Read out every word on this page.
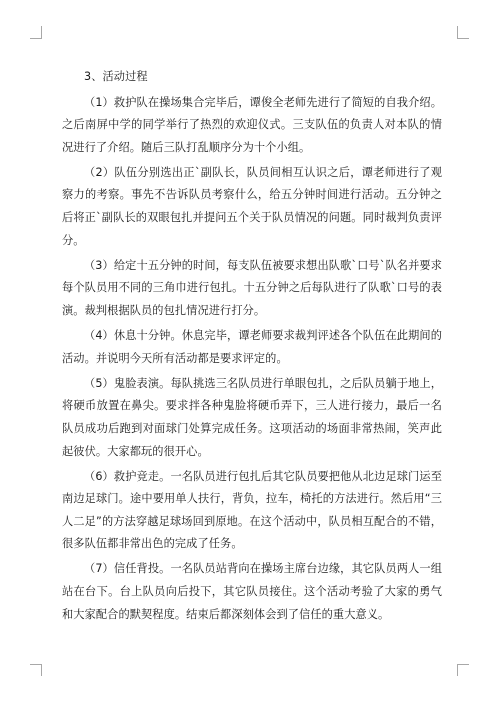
3、活动过程

（1）救护队在操场集合完毕后，谭俊全老师先进行了简短的自我介绍。之后南屏中学的同学举行了热烈的欢迎仪式。三支队伍的负责人对本队的情况进行了介绍。随后三队打乱顺序分为十个小组。

（2）队伍分别选出正`副队长，队员间相互认识之后，谭老师进行了观察力的考察。事先不告诉队员考察什么，给五分钟时间进行活动。五分钟之后将正`副队长的双眼包扎并提问五个关于队员情况的问题。同时裁判负责评分。

（3）给定十五分钟的时间，每支队伍被要求想出队歌`口号`队名并要求每个队员用不同的三角巾进行包扎。十五分钟之后每队进行了队歌`口号的表演。裁判根据队员的包扎情况进行打分。

（4）休息十分钟。休息完毕，谭老师要求裁判评述各个队伍在此期间的活动。并说明今天所有活动都是要求评定的。

（5）鬼脸表演。每队挑选三名队员进行单眼包扎，之后队员躺于地上，将硬币放置在鼻尖。要求拌各种鬼脸将硬币弄下，三人进行接力，最后一名队员成功后跑到对面球门处算完成任务。这项活动的场面非常热闹，笑声此起彼伏。大家都玩的很开心。

（6）救护竞走。一名队员进行包扎后其它队员要把他从北边足球门运至南边足球门。途中要用单人扶行，背负，拉车，椅托的方法进行。然后用“三人二足”的方法穿越足球场回到原地。在这个活动中，队员相互配合的不错，很多队伍都非常出色的完成了任务。

（7）信任背投。一名队员站背向在操场主席台边缘，其它队员两人一组站在台下。台上队员向后投下，其它队员接住。这个活动考验了大家的勇气和大家配合的默契程度。结束后都深刻体会到了信任的重大意义。
